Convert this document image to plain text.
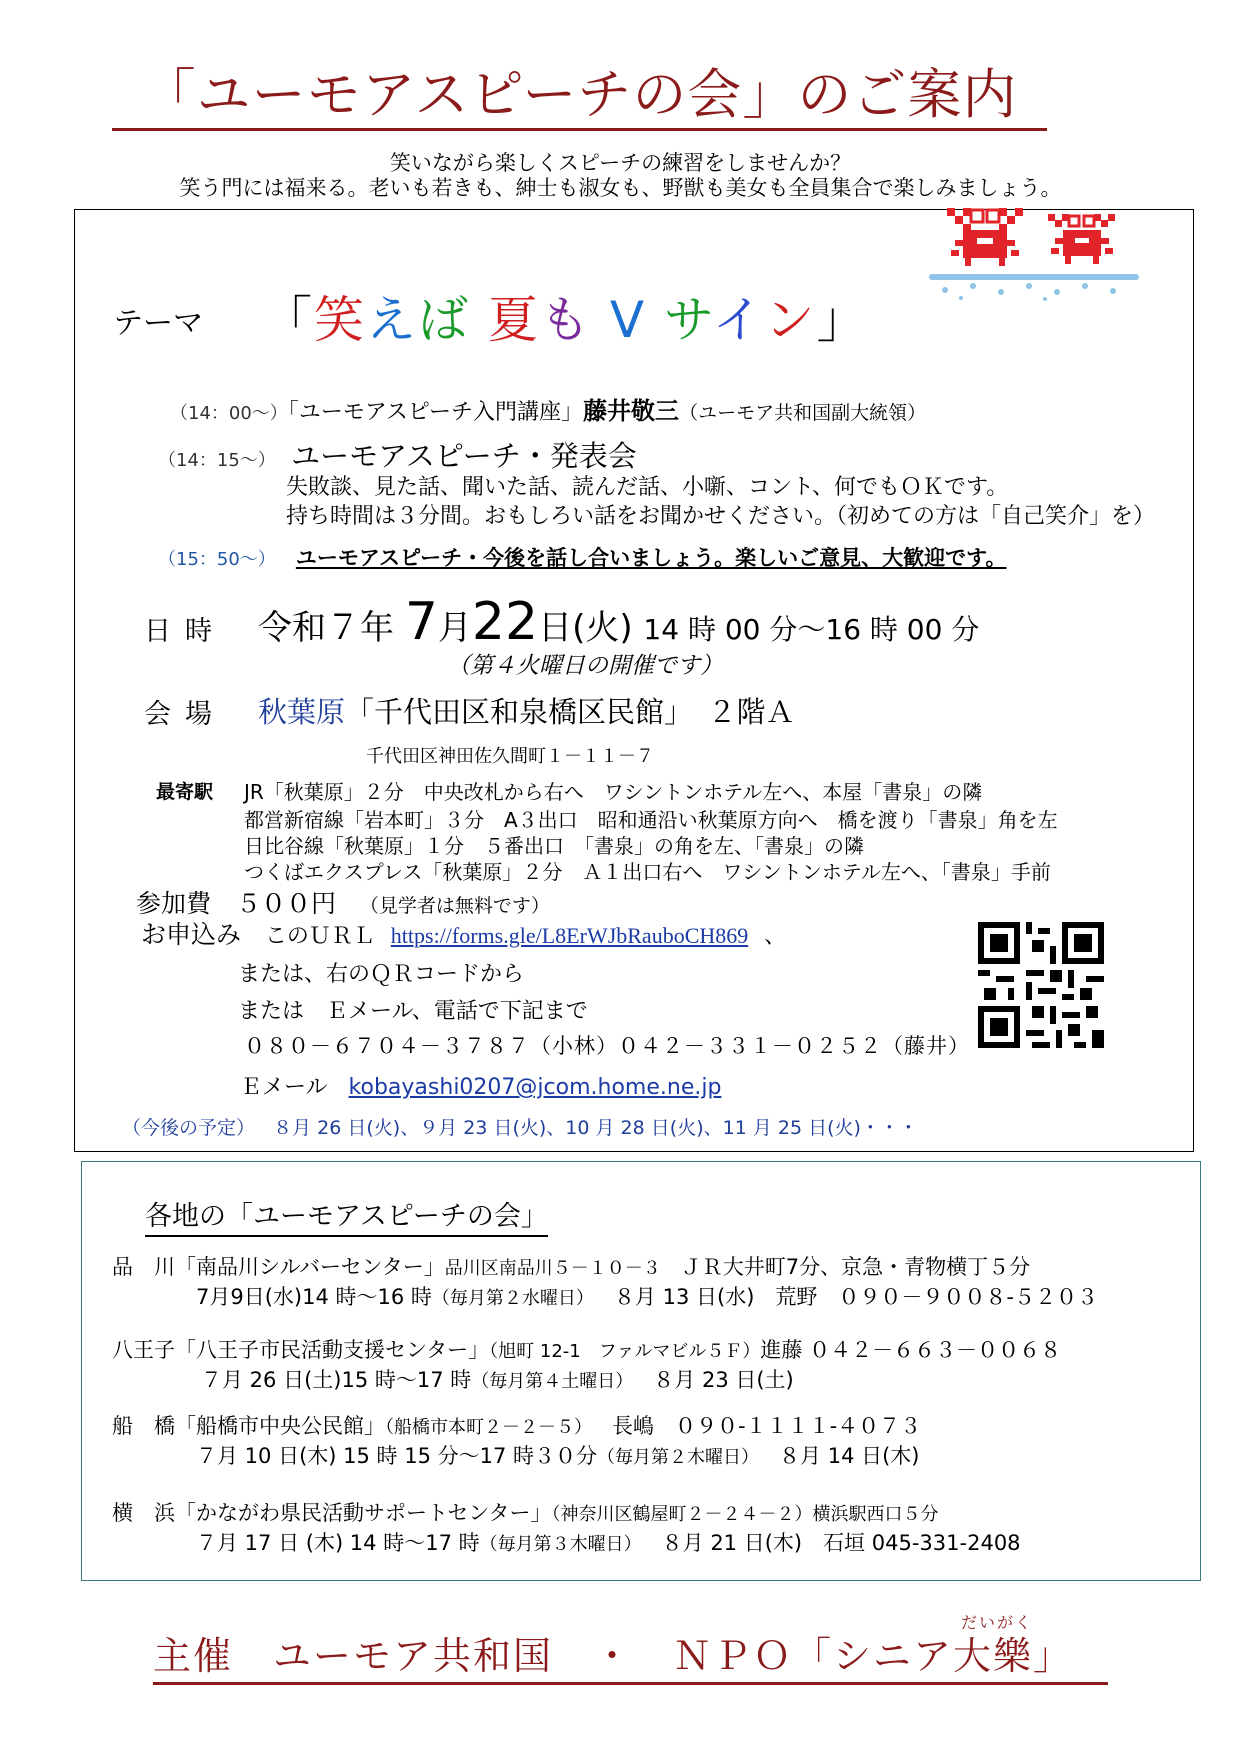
「ユーモアスピーチの会」のご案内
笑いながら楽しくスピーチの練習をしませんか？
笑う門には福来る。老いも若きも、紳士も淑女も、野獣も美女も全員集合で楽しみましょう。
テーマ 「笑えば 夏も V サイン」
（14：00～）「ユーモアスピーチ入門講座」藤井敬三（ユーモア共和国副大統領）
（14：15～） ユーモアスピーチ・発表会
失敗談、見た話、聞いた話、読んだ話、小噺、コント、何でもＯＫです。
持ち時間は３分間。おもしろい話をお聞かせください。（初めての方は「自己笑介」を）
（15：50～） ユーモアスピーチ・今後を話し合いましょう。楽しいご意見、大歓迎です。
日時 令和７年 7月22日(火) 14 時 00 分～16 時 00 分
（第４火曜日の開催です）
会場 秋葉原「千代田区和泉橋区民館」　２階Ａ
千代田区神田佐久間町１－１１－７
最寄駅 JR「秋葉原」２分　中央改札から右へ　ワシントンホテル左へ、本屋「書泉」の隣
都営新宿線「岩本町」３分　A３出口　昭和通沿い秋葉原方向へ　橋を渡り「書泉」角を左
日比谷線「秋葉原」１分　５番出口　「書泉」の角を左、「書泉」の隣
つくばエクスプレス「秋葉原」２分　Ａ１出口右へ　ワシントンホテル左へ、「書泉」手前
参加費　５００円 （見学者は無料です）
お申込み このＵＲＬ https://forms.gle/L8ErWJbRauboCH869 、
または、右のＱＲコードから
または　Ｅメール、電話で下記まで
０８０－６７０４－３７８７（小林）０４２－３３１－０２５２（藤井）
Ｅメール kobayashi0207@jcom.home.ne.jp
（今後の予定） ８月 26 日(火)、９月 23 日(火)、10 月 28 日(火)、11 月 25 日(火)・・・
各地の「ユーモアスピーチの会」
品　川「南品川シルバーセンター」品川区南品川５－１０－３ ＪＲ大井町7分、京急・青物横丁５分
7月9日(水)14 時～16 時（毎月第２水曜日） ８月 13 日(水)　荒野　０９０－９００８-５２０３
八王子「八王子市民活動支援センター」（旭町 12-1　ファルマビル５Ｆ）進藤 ０４２－６６３－００６８
７月 26 日(土)15 時～17 時（毎月第４土曜日） ８月 23 日(土)
船　橋「船橋市中央公民館」（船橋市本町２－２－５） 長嶋　０９０-１１１１-４０７３
７月 10 日(木) 15 時 15 分～17 時３０分（毎月第２木曜日） ８月 14 日(木)
横　浜「かながわ県民活動サポートセンター」（神奈川区鶴屋町２－２４－２）横浜駅西口５分
７月 17 日 (木) 14 時～17 時（毎月第３木曜日） ８月 21 日(木)　石垣 045-331-2408
だいがく
主催　ユーモア共和国　・　ＮＰＯ「シニア大樂」
